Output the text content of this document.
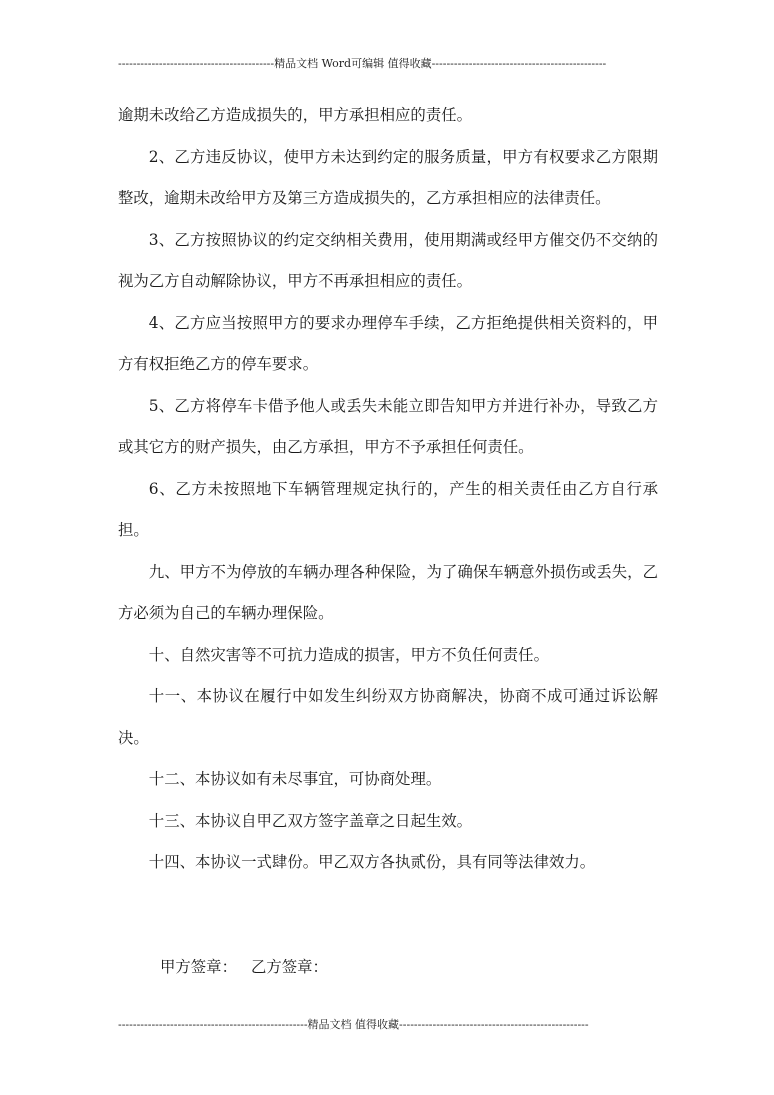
------------------------------------------精品文档 Word可编辑 值得收藏-----------------------------------------------

逾期未改给乙方造成损失的，甲方承担相应的责任。

2、乙方违反协议，使甲方未达到约定的服务质量，甲方有权要求乙方限期整改，逾期未改给甲方及第三方造成损失的，乙方承担相应的法律责任。

3、乙方按照协议的约定交纳相关费用，使用期满或经甲方催交仍不交纳的视为乙方自动解除协议，甲方不再承担相应的责任。

4、乙方应当按照甲方的要求办理停车手续，乙方拒绝提供相关资料的，甲方有权拒绝乙方的停车要求。

5、乙方将停车卡借予他人或丢失未能立即告知甲方并进行补办，导致乙方或其它方的财产损失，由乙方承担，甲方不予承担任何责任。

6、乙方未按照地下车辆管理规定执行的，产生的相关责任由乙方自行承担。

九、甲方不为停放的车辆办理各种保险，为了确保车辆意外损伤或丢失，乙方必须为自己的车辆办理保险。

十、自然灾害等不可抗力造成的损害，甲方不负任何责任。

十一、本协议在履行中如发生纠纷双方协商解决，协商不成可通过诉讼解决。

十二、本协议如有未尽事宜，可协商处理。

十三、本协议自甲乙双方签字盖章之日起生效。

十四、本协议一式肆份。甲乙双方各执贰份，具有同等法律效力。

甲方签章： 乙方签章：
---------------------------------------------------精品文档 值得收藏---------------------------------------------------
